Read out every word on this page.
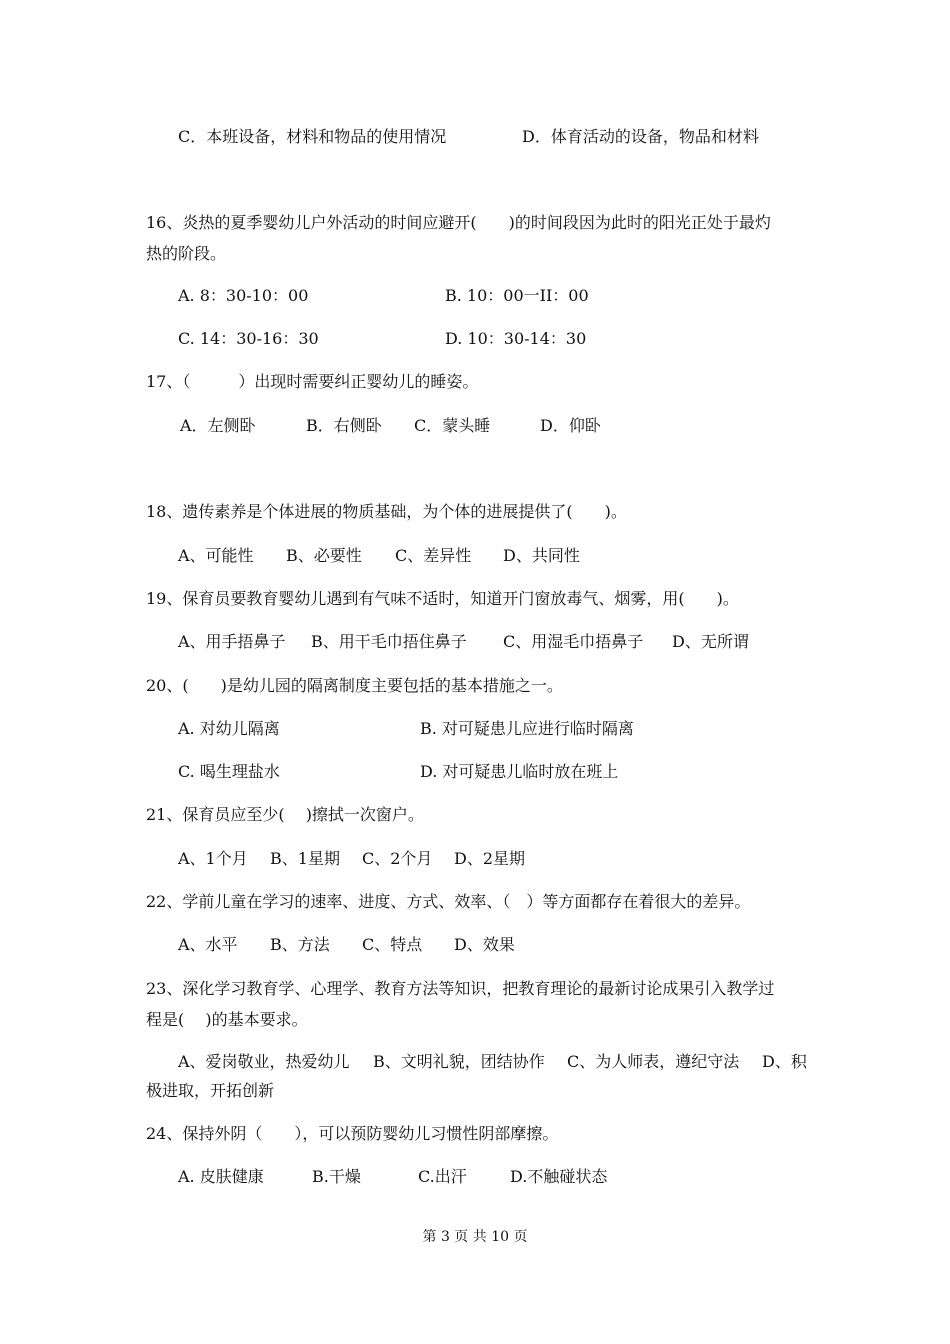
C．本班设备，材料和物品的使用情况	D．体育活动的设备，物品和材料
16、炎热的夏季婴幼儿户外活动的时间应避开(　　)的时间段因为此时的阳光正处于最灼
热的阶段。
A. 8：30-10：00	B. 10：00一II：00
C. 14：30-16：30	D. 10：30-14：30
17、（　　　）出现时需要纠正婴幼儿的睡姿。
A．左侧卧	B．右侧卧 C．蒙头睡	D．仰卧
18、遗传素养是个体进展的物质基础，为个体的进展提供了(　　)。
A、可能性 B、必要性 C、差异性 D、共同性
19、保育员要教育婴幼儿遇到有气味不适时，知道开门窗放毒气、烟雾，用(　　)。
A、用手捂鼻子 B、用干毛巾捂住鼻子 C、用湿毛巾捂鼻子 D、无所谓
20、(　　)是幼儿园的隔离制度主要包括的基本措施之一。
A. 对幼儿隔离	B. 对可疑患儿应进行临时隔离
C. 喝生理盐水	D. 对可疑患儿临时放在班上
21、保育员应至少(　 )擦拭一次窗户。
A、1个月 B、1星期 C、2个月 D、2星期
22、学前儿童在学习的速率、进度、方式、效率、（　）等方面都存在着很大的差异。
A、水平 B、方法 C、特点 D、效果
23、深化学习教育学、心理学、教育方法等知识，把教育理论的最新讨论成果引入教学过
程是(　 )的基本要求。
A、爱岗敬业，热爱幼儿 B、文明礼貌，团结协作 C、为人师表，遵纪守法 D、积
极进取，开拓创新
24、保持外阴（　　），可以预防婴幼儿习惯性阴部摩擦。
A. 皮肤健康	B.干燥	C.出汗	D.不触碰状态
第 3 页 共 10 页
